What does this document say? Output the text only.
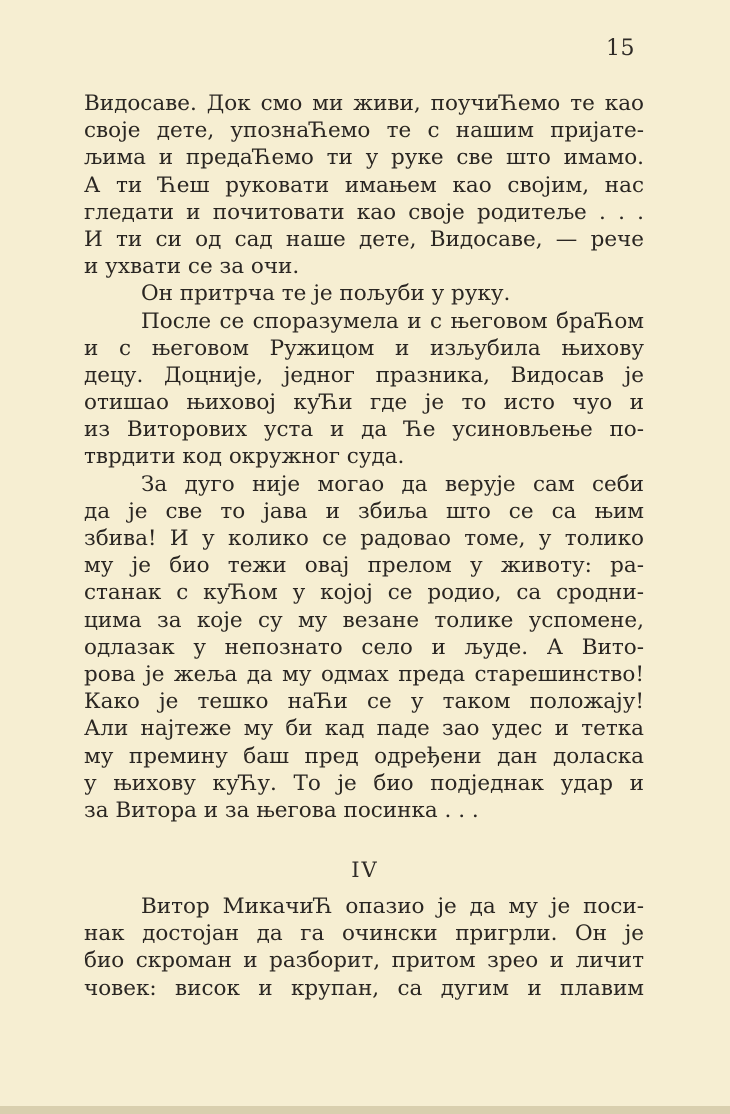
15
Видосаве. Док смо ми живи, поучиЋемо те као
своје дете, упознаЋемо те с нашим пријате-
љима и предаЋемо ти у руке све што имамо.
А ти Ћеш руковати имањем као својим, нас
гледати и почитовати као своје родитеље . . .
И ти си од сад наше дете, Видосаве, — рече
и ухвати се за очи.
Он притрча те је пољуби у руку.
После се споразумела и с његовом браЋом
и с његовом Ружицом и изљубила њихову
децу. Доцније, једног празника, Видосав је
отишао њиховој куЋи где је то исто чуо и
из Виторових уста и да Ће усиновљење по-
тврдити код окружног суда.
За дуго није могао да верује сам себи
да је све то јава и збиља што се са њим
збива! И у колико се радовао томе, у толико
му је био тежи овај прелом у животу: ра-
станак с куЋом у којој се родио, са сродни-
цима за које су му везане толике успомене,
одлазак у непознато село и људе. А Вито-
рова је жеља да му одмах преда старешинство!
Како је тешко наЋи се у таком положају!
Али најтеже му би кад паде зао удес и тетка
му премину баш пред одређени дан доласка
у њихову куЋу. То је био подједнак удар и
за Витора и за његова посинка . . .
IV
Витор МикачиЋ опазио је да му је поси-
нак достојан да га очински пригрли. Он је
био скроман и разборит, притом зрео и личит
човек: висок и крупан, са дугим и плавим
